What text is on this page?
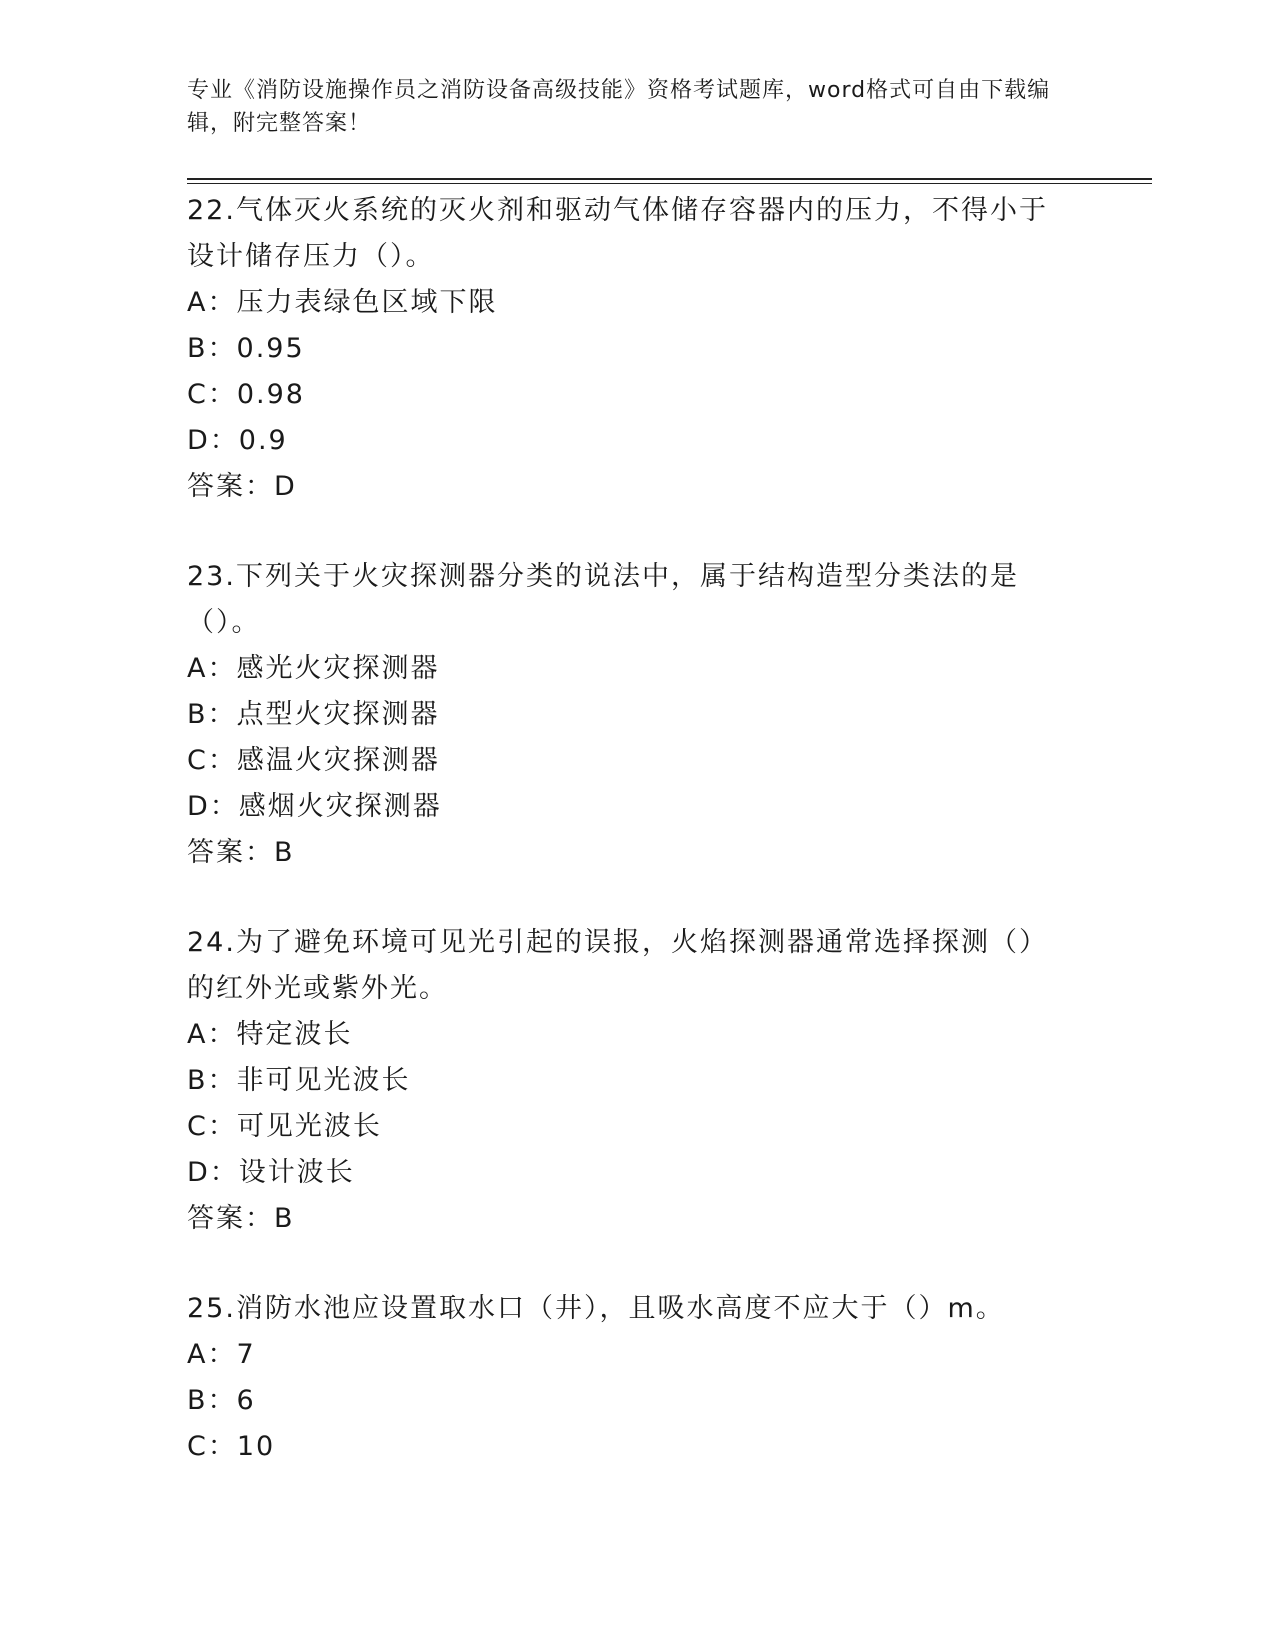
专业《消防设施操作员之消防设备高级技能》资格考试题库，word格式可自由下载编辑，附完整答案！
22.气体灭火系统的灭火剂和驱动气体储存容器内的压力，不得小于设计储存压力（）。
A：压力表绿色区域下限
B：0.95
C：0.98
D：0.9
答案：D
23.下列关于火灾探测器分类的说法中，属于结构造型分类法的是（）。
A：感光火灾探测器
B：点型火灾探测器
C：感温火灾探测器
D：感烟火灾探测器
答案：B
24.为了避免环境可见光引起的误报，火焰探测器通常选择探测（）的红外光或紫外光。
A：特定波长
B：非可见光波长
C：可见光波长
D：设计波长
答案：B
25.消防水池应设置取水口（井），且吸水高度不应大于（）m。
A：7
B：6
C：10
